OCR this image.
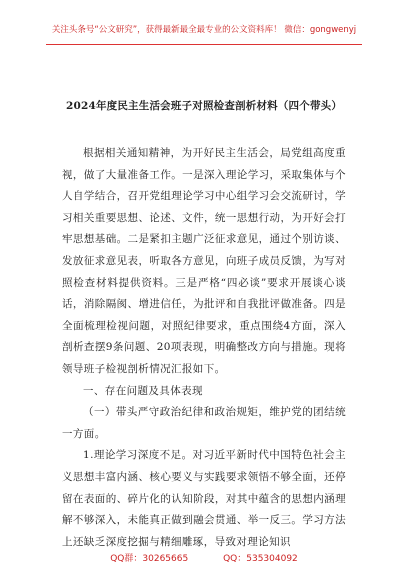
关注头条号“公文研究”，获得最新最全最专业的公文资料库！ 微信：gongwenyj
2024年度民主生活会班子对照检查剖析材料（四个带头）

根据相关通知精神，为开好民主生活会，局党组高度重视，做了大量准备工作。一是深入理论学习，采取集体与个人自学结合，召开党组理论学习中心组学习会交流研讨，学习相关重要思想、论述、文件，统一思想行动，为开好会打牢思想基础。二是紧扣主题广泛征求意见，通过个别访谈、发放征求意见表，听取各方意见，向班子成员反馈，为写对照检查材料提供资料。三是严格“四必谈”要求开展谈心谈话，消除隔阂、增进信任，为批评和自我批评做准备。四是全面梳理检视问题，对照纪律要求，重点围绕4方面，深入剖析查摆9条问题、20项表现，明确整改方向与措施。现将领导班子检视剖析情况汇报如下。

一、存在问题及具体表现

（一）带头严守政治纪律和政治规矩，维护党的团结统一方面。

1.理论学习深度不足。对习近平新时代中国特色社会主义思想丰富内涵、核心要义与实践要求领悟不够全面，还停留在表面的、碎片化的认知阶段，对其中蕴含的思想内涵理解不够深入，未能真正做到融会贯通、举一反三。学习方法上还缺乏深度挖掘与精细雕琢，导致对理论知识

QQ群：30265665	QQ：535304092
